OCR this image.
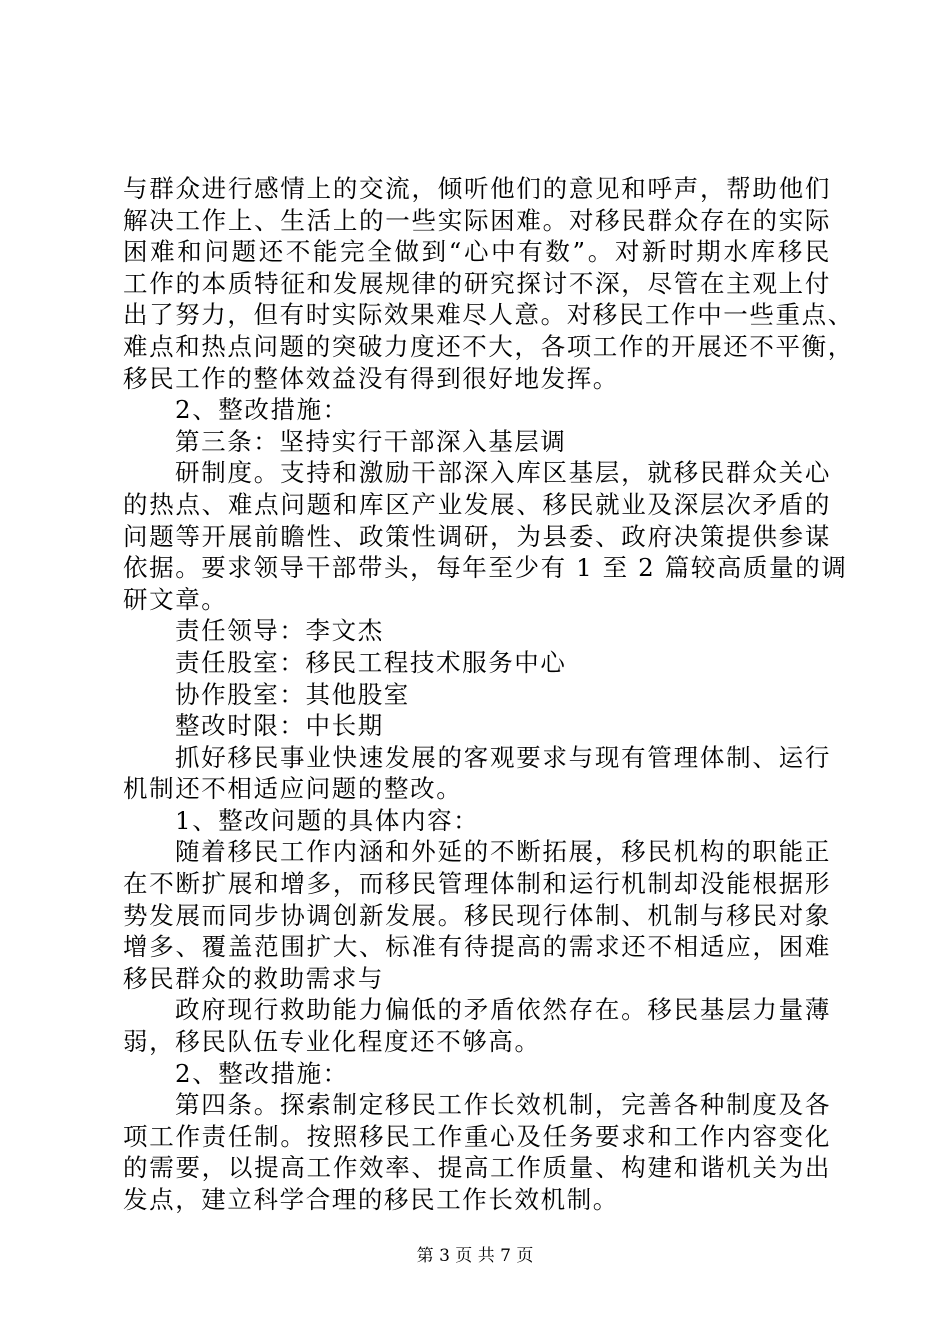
与群众进行感情上的交流，倾听他们的意见和呼声，帮助他们
解决工作上、生活上的一些实际困难。对移民群众存在的实际
困难和问题还不能完全做到“心中有数”。对新时期水库移民
工作的本质特征和发展规律的研究探讨不深，尽管在主观上付
出了努力，但有时实际效果难尽人意。对移民工作中一些重点、
难点和热点问题的突破力度还不大，各项工作的开展还不平衡，
移民工作的整体效益没有得到很好地发挥。
2、整改措施：
第三条：坚持实行干部深入基层调
研制度。支持和激励干部深入库区基层，就移民群众关心
的热点、难点问题和库区产业发展、移民就业及深层次矛盾的
问题等开展前瞻性、政策性调研，为县委、政府决策提供参谋
依据。要求领导干部带头，每年至少有 1 至 2 篇较高质量的调
研文章。
责任领导：李文杰
责任股室：移民工程技术服务中心
协作股室：其他股室
整改时限：中长期
抓好移民事业快速发展的客观要求与现有管理体制、运行
机制还不相适应问题的整改。
1、整改问题的具体内容：
随着移民工作内涵和外延的不断拓展，移民机构的职能正
在不断扩展和增多，而移民管理体制和运行机制却没能根据形
势发展而同步协调创新发展。移民现行体制、机制与移民对象
增多、覆盖范围扩大、标准有待提高的需求还不相适应，困难
移民群众的救助需求与
政府现行救助能力偏低的矛盾依然存在。移民基层力量薄
弱，移民队伍专业化程度还不够高。
2、整改措施：
第四条。探索制定移民工作长效机制，完善各种制度及各
项工作责任制。按照移民工作重心及任务要求和工作内容变化
的需要，以提高工作效率、提高工作质量、构建和谐机关为出
发点，建立科学合理的移民工作长效机制。
第 3 页 共 7 页
